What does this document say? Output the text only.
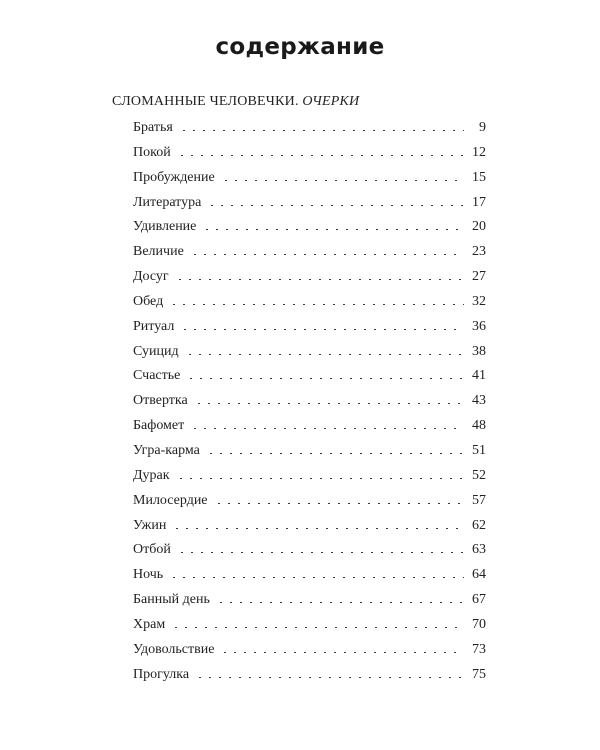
содержание
СЛОМАННЫЕ ЧЕЛОВЕЧКИ. ОЧЕРКИ
Братья	9
Покой	12
Пробуждение	15
Литература	17
Удивление	20
Величие	23
Досуг	27
Обед	32
Ритуал	36
Суицид	38
Счастье	41
Отвертка	43
Бафомет	48
Угра-карма	51
Дурак	52
Милосердие	57
Ужин	62
Отбой	63
Ночь	64
Банный день	67
Храм	70
Удовольствие	73
Прогулка	75
